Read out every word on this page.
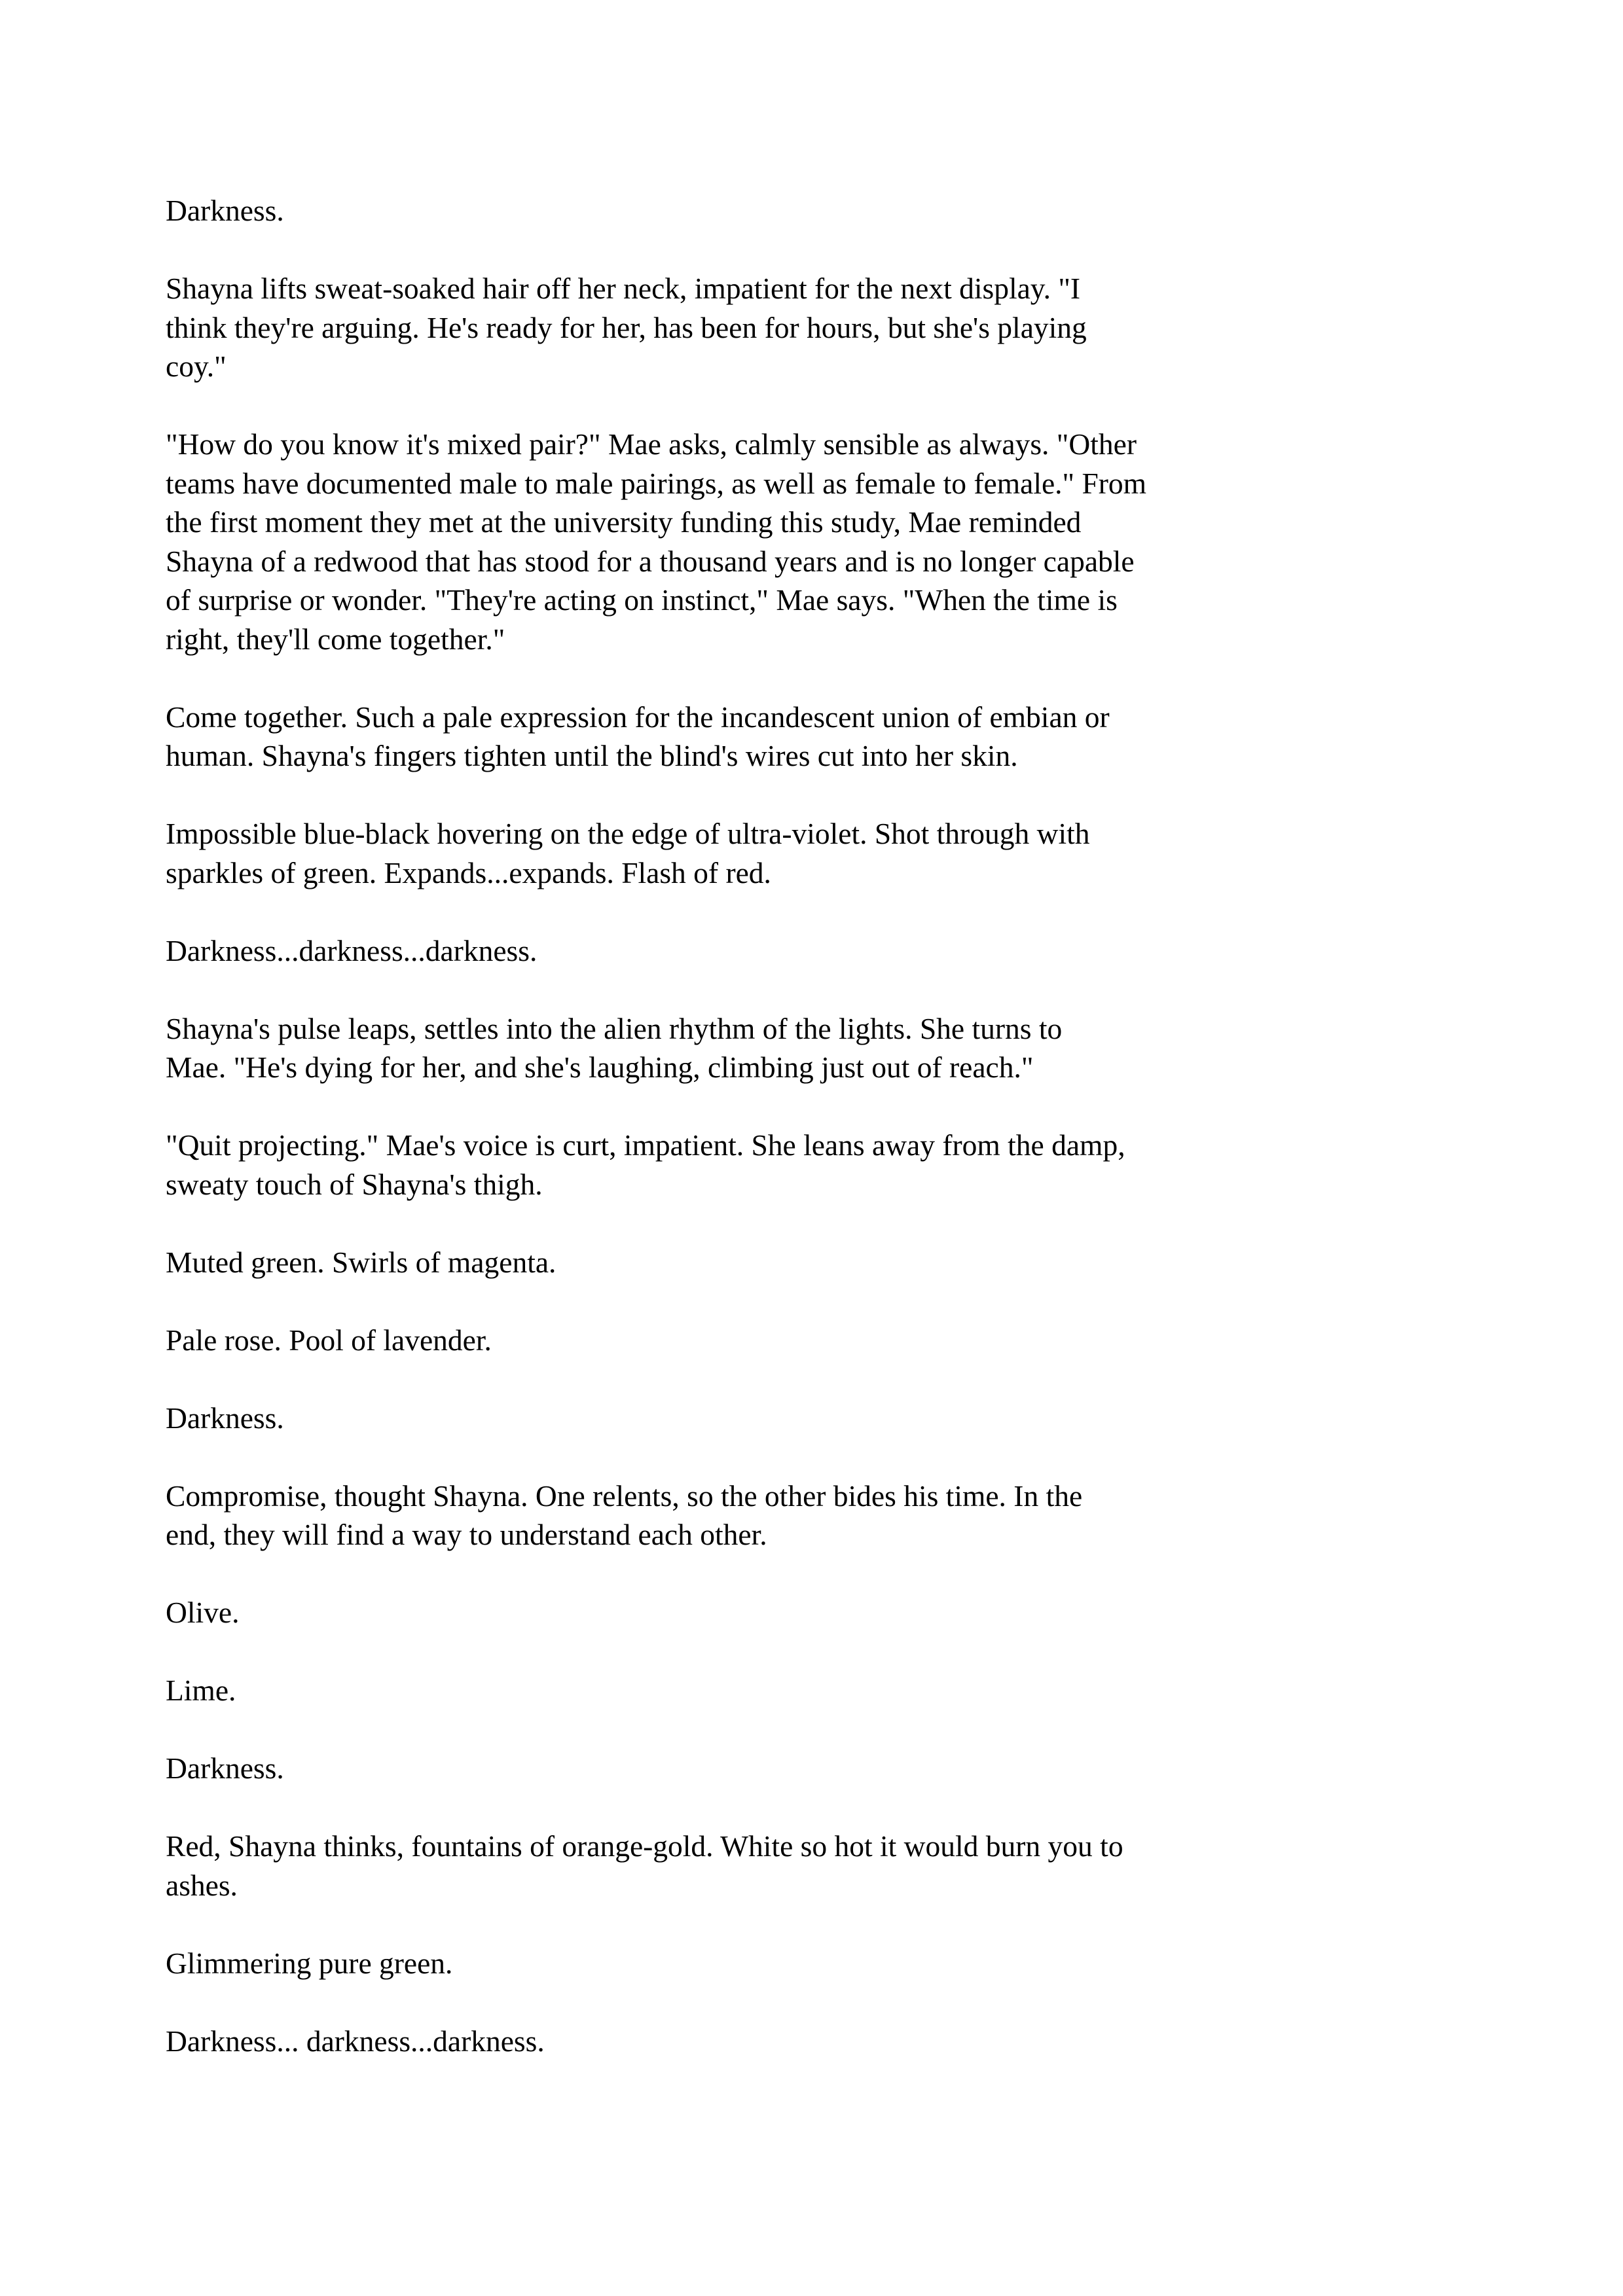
Darkness.

Shayna lifts sweat-soaked hair off her neck, impatient for the next display. "I
think they're arguing. He's ready for her, has been for hours, but she's playing
coy."

"How do you know it's mixed pair?" Mae asks, calmly sensible as always. "Other
teams have documented male to male pairings, as well as female to female." From
the first moment they met at the university funding this study, Mae reminded
Shayna of a redwood that has stood for a thousand years and is no longer capable
of surprise or wonder. "They're acting on instinct," Mae says. "When the time is
right, they'll come together."

Come together. Such a pale expression for the incandescent union of embian or
human. Shayna's fingers tighten until the blind's wires cut into her skin.

Impossible blue-black hovering on the edge of ultra-violet. Shot through with
sparkles of green. Expands...expands. Flash of red.

Darkness...darkness...darkness.

Shayna's pulse leaps, settles into the alien rhythm of the lights. She turns to
Mae. "He's dying for her, and she's laughing, climbing just out of reach."

"Quit projecting." Mae's voice is curt, impatient. She leans away from the damp,
sweaty touch of Shayna's thigh.

Muted green. Swirls of magenta.

Pale rose. Pool of lavender.

Darkness.

Compromise, thought Shayna. One relents, so the other bides his time. In the
end, they will find a way to understand each other.

Olive.

Lime.

Darkness.

Red, Shayna thinks, fountains of orange-gold. White so hot it would burn you to
ashes.

Glimmering pure green.

Darkness... darkness...darkness.
